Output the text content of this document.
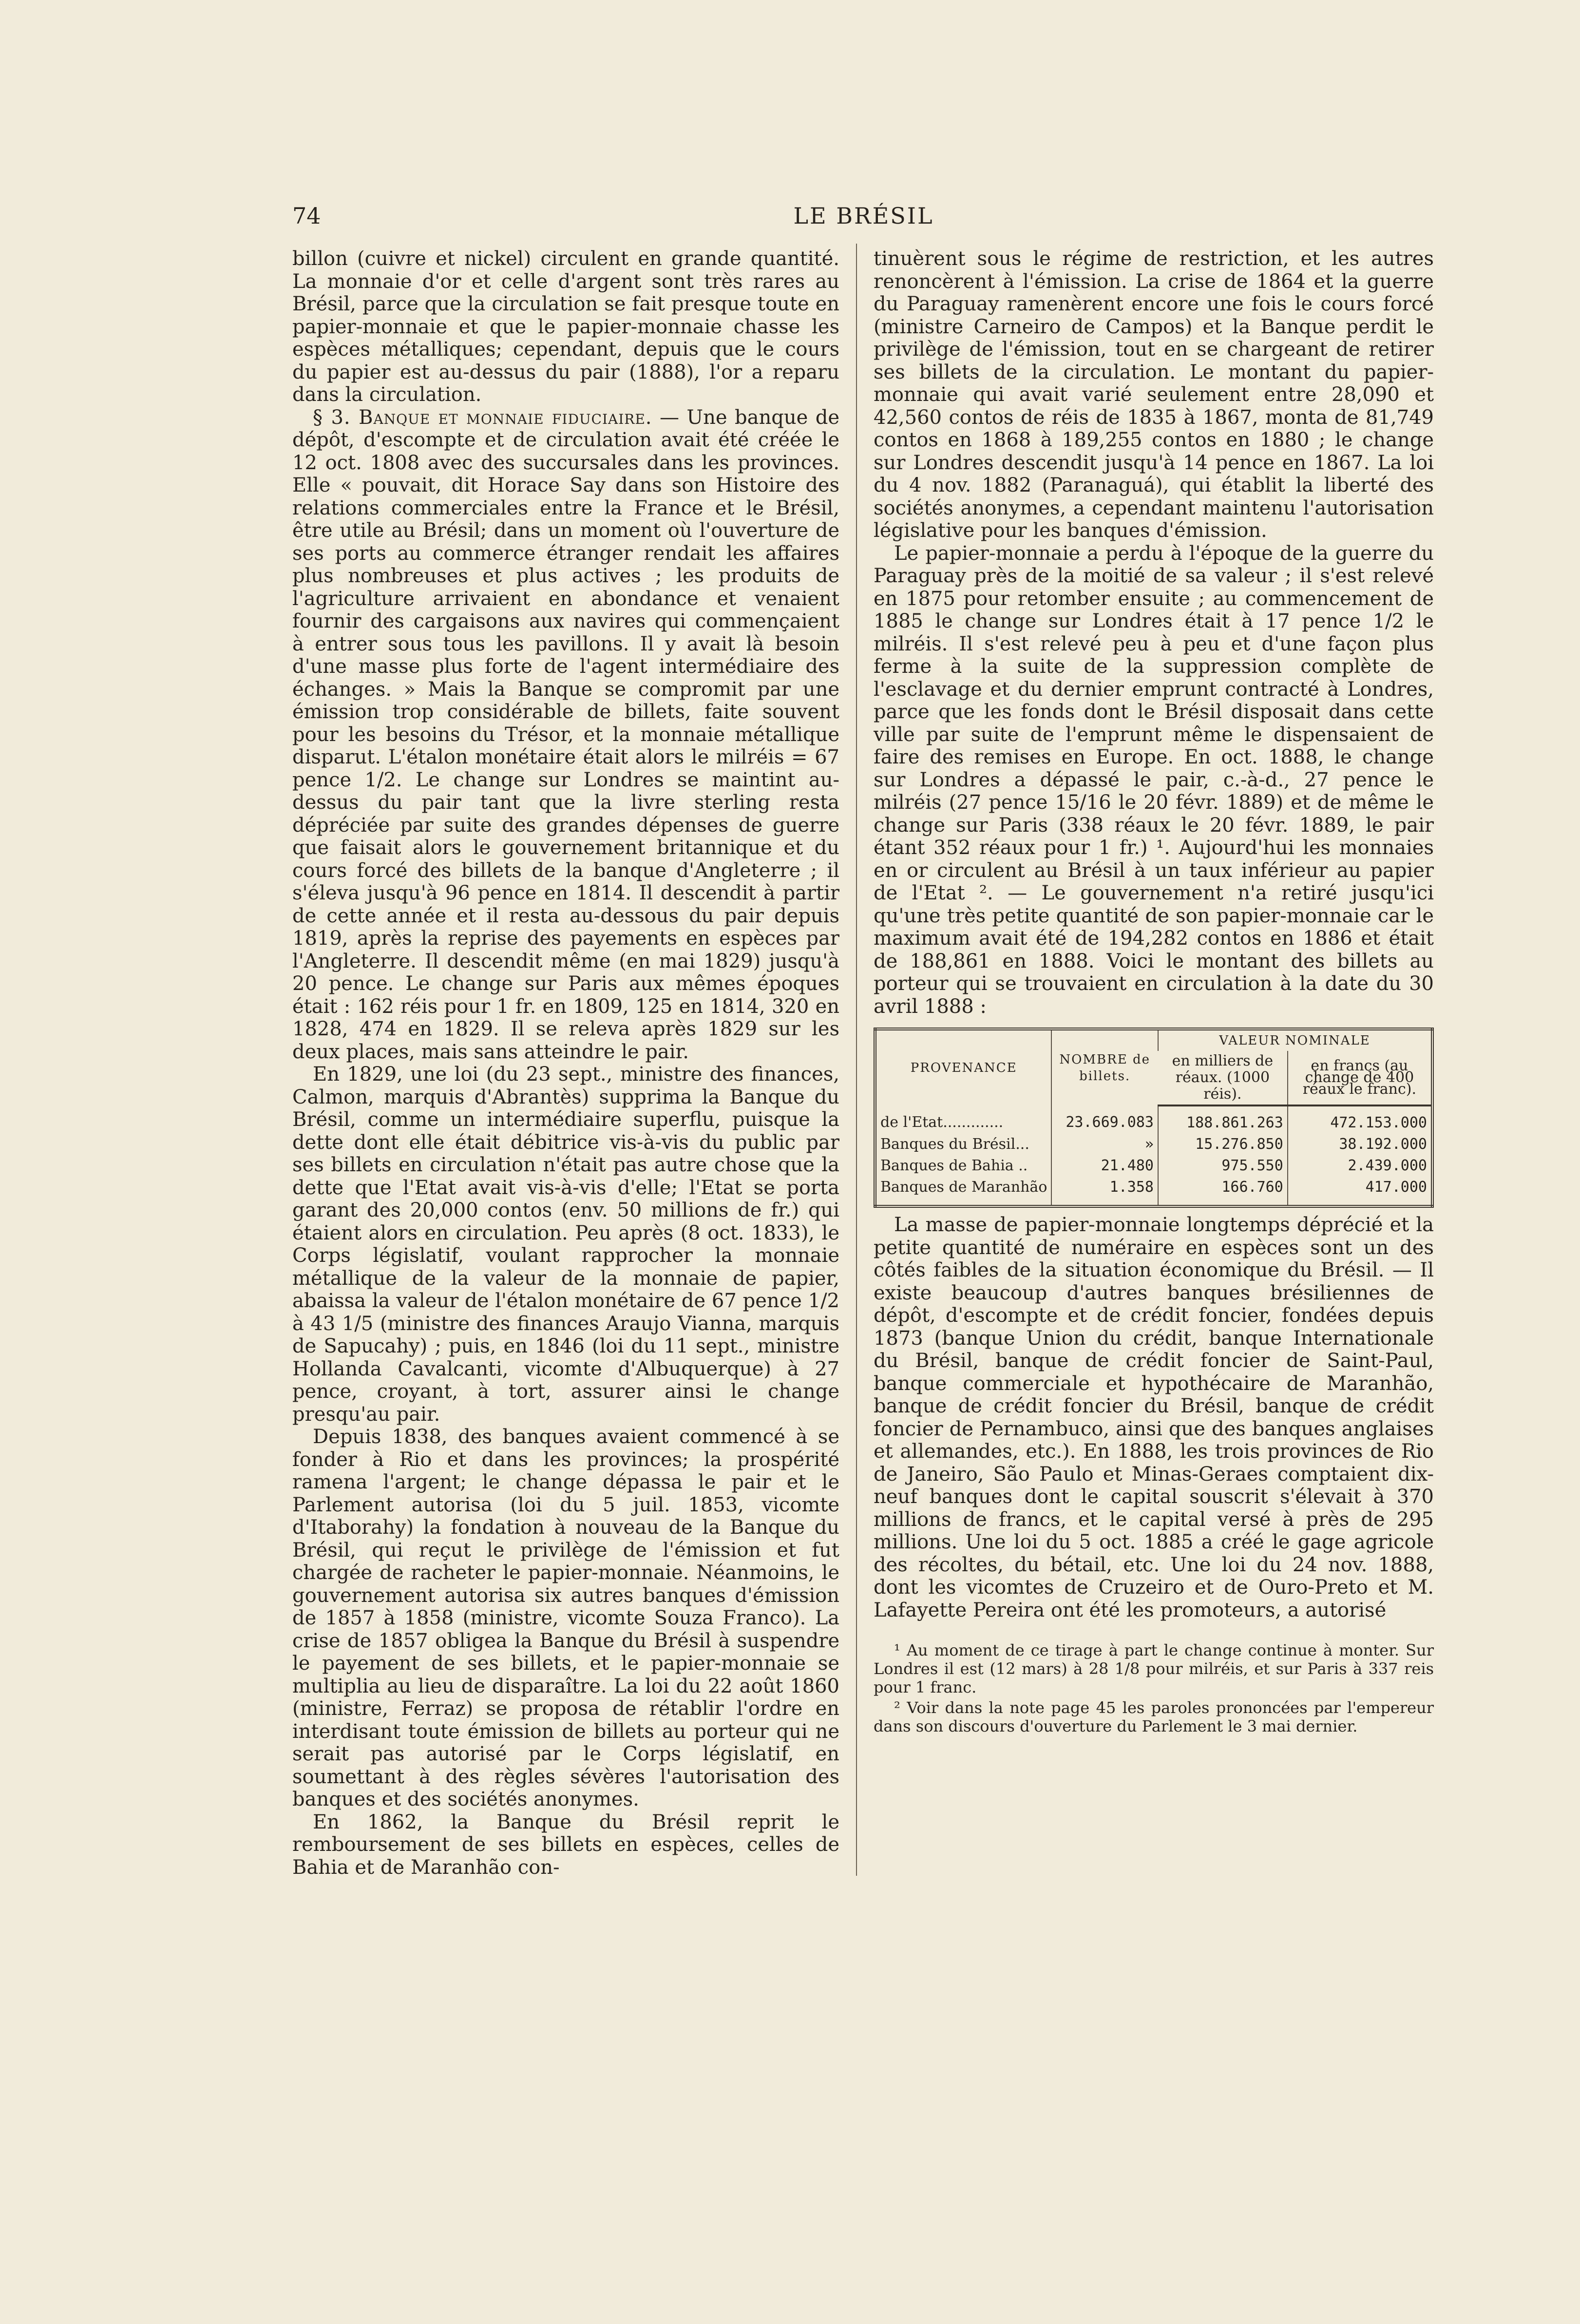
74	LE BRÉSIL

billon (cuivre et nickel) circulent en grande quantité. La monnaie d'or et celle d'argent sont très rares au Brésil, parce que la circulation se fait presque toute en papier-monnaie et que le papier-monnaie chasse les espèces métalliques; cependant, depuis que le cours du papier est au-dessus du pair (1888), l'or a reparu dans la circulation.

§ 3. Banque et monnaie fiduciaire. — Une banque de dépôt, d'escompte et de circulation avait été créée le 12 oct. 1808 avec des succursales dans les provinces. Elle « pouvait, dit Horace Say dans son Histoire des relations commerciales entre la France et le Brésil, être utile au Brésil; dans un moment où l'ouverture de ses ports au commerce étranger rendait les affaires plus nombreuses et plus actives ; les produits de l'agriculture arrivaient en abondance et venaient fournir des cargaisons aux navires qui commençaient à entrer sous tous les pavillons. Il y avait là besoin d'une masse plus forte de l'agent intermédiaire des échanges. » Mais la Banque se compromit par une émission trop considérable de billets, faite souvent pour les besoins du Trésor, et la monnaie métallique disparut. L'étalon monétaire était alors le milréis = 67 pence 1/2. Le change sur Londres se maintint au-dessus du pair tant que la livre sterling resta dépréciée par suite des grandes dépenses de guerre que faisait alors le gouvernement britannique et du cours forcé des billets de la banque d'Angleterre ; il s'éleva jusqu'à 96 pence en 1814. Il descendit à partir de cette année et il resta au-dessous du pair depuis 1819, après la reprise des payements en espèces par l'Angleterre. Il descendit même (en mai 1829) jusqu'à 20 pence. Le change sur Paris aux mêmes époques était : 162 réis pour 1 fr. en 1809, 125 en 1814, 320 en 1828, 474 en 1829. Il se releva après 1829 sur les deux places, mais sans atteindre le pair.

En 1829, une loi (du 23 sept., ministre des finances, Calmon, marquis d'Abrantès) supprima la Banque du Brésil, comme un intermédiaire superflu, puisque la dette dont elle était débitrice vis-à-vis du public par ses billets en circulation n'était pas autre chose que la dette que l'Etat avait vis-à-vis d'elle; l'Etat se porta garant des 20,000 contos (env. 50 millions de fr.) qui étaient alors en circulation. Peu après (8 oct. 1833), le Corps législatif, voulant rapprocher la monnaie métallique de la valeur de la monnaie de papier, abaissa la valeur de l'étalon monétaire de 67 pence 1/2 à 43 1/5 (ministre des finances Araujo Vianna, marquis de Sapucahy) ; puis, en 1846 (loi du 11 sept., ministre Hollanda Cavalcanti, vicomte d'Albuquerque) à 27 pence, croyant, à tort, assurer ainsi le change presqu'au pair.

Depuis 1838, des banques avaient commencé à se fonder à Rio et dans les provinces; la prospérité ramena l'argent; le change dépassa le pair et le Parlement autorisa (loi du 5 juil. 1853, vicomte d'Itaborahy) la fondation à nouveau de la Banque du Brésil, qui reçut le privilège de l'émission et fut chargée de racheter le papier-monnaie. Néanmoins, le gouvernement autorisa six autres banques d'émission de 1857 à 1858 (ministre, vicomte Souza Franco). La crise de 1857 obligea la Banque du Brésil à suspendre le payement de ses billets, et le papier-monnaie se multiplia au lieu de disparaître. La loi du 22 août 1860 (ministre, Ferraz) se proposa de rétablir l'ordre en interdisant toute émission de billets au porteur qui ne serait pas autorisé par le Corps législatif, en soumettant à des règles sévères l'autorisation des banques et des sociétés anonymes.

En 1862, la Banque du Brésil reprit le remboursement de ses billets en espèces, celles de Bahia et de Maranhão con-

tinuèrent sous le régime de restriction, et les autres renoncèrent à l'émission. La crise de 1864 et la guerre du Paraguay ramenèrent encore une fois le cours forcé (ministre Carneiro de Campos) et la Banque perdit le privilège de l'émission, tout en se chargeant de retirer ses billets de la circulation. Le montant du papier-monnaie qui avait varié seulement entre 28,090 et 42,560 contos de réis de 1835 à 1867, monta de 81,749 contos en 1868 à 189,255 contos en 1880 ; le change sur Londres descendit jusqu'à 14 pence en 1867. La loi du 4 nov. 1882 (Paranaguá), qui établit la liberté des sociétés anonymes, a cependant maintenu l'autorisation législative pour les banques d'émission.

Le papier-monnaie a perdu à l'époque de la guerre du Paraguay près de la moitié de sa valeur ; il s'est relevé en 1875 pour retomber ensuite ; au commencement de 1885 le change sur Londres était à 17 pence 1/2 le milréis. Il s'est relevé peu à peu et d'une façon plus ferme à la suite de la suppression complète de l'esclavage et du dernier emprunt contracté à Londres, parce que les fonds dont le Brésil disposait dans cette ville par suite de l'emprunt même le dispensaient de faire des remises en Europe. En oct. 1888, le change sur Londres a dépassé le pair, c.-à-d., 27 pence le milréis (27 pence 15/16 le 20 févr. 1889) et de même le change sur Paris (338 réaux le 20 févr. 1889, le pair étant 352 réaux pour 1 fr.) ¹. Aujourd'hui les monnaies en or circulent au Brésil à un taux inférieur au papier de l'Etat ². — Le gouvernement n'a retiré jusqu'ici qu'une très petite quantité de son papier-monnaie car le maximum avait été de 194,282 contos en 1886 et était de 188,861 en 1888. Voici le montant des billets au porteur qui se trouvaient en circulation à la date du 30 avril 1888 :

PROVENANCE	NOMBRE de billets.	VALEUR NOMINALE	
		en milliers de réaux. (1000 réis).	en francs (au change de 400 réaux le franc).
de l'Etat.............	23.669.083	188.861.263	472.153.000
Banques du Brésil...	»	15.276.850	38.192.000
Banques de Bahia ..	21.480	975.550	2.439.000
Banques de Maranhão	1.358	166.760	417.000

La masse de papier-monnaie longtemps déprécié et la petite quantité de numéraire en espèces sont un des côtés faibles de la situation économique du Brésil. — Il existe beaucoup d'autres banques brésiliennes de dépôt, d'escompte et de crédit foncier, fondées depuis 1873 (banque Union du crédit, banque Internationale du Brésil, banque de crédit foncier de Saint-Paul, banque commerciale et hypothécaire de Maranhão, banque de crédit foncier du Brésil, banque de crédit foncier de Pernambuco, ainsi que des banques anglaises et allemandes, etc.). En 1888, les trois provinces de Rio de Janeiro, São Paulo et Minas-Geraes comptaient dix-neuf banques dont le capital souscrit s'élevait à 370 millions de francs, et le capital versé à près de 295 millions. Une loi du 5 oct. 1885 a créé le gage agricole des récoltes, du bétail, etc. Une loi du 24 nov. 1888, dont les vicomtes de Cruzeiro et de Ouro-Preto et M. Lafayette Pereira ont été les promoteurs, a autorisé

¹ Au moment de ce tirage à part le change continue à monter. Sur Londres il est (12 mars) à 28 1/8 pour milréis, et sur Paris à 337 reis pour 1 franc.

² Voir dans la note page 45 les paroles prononcées par l'empereur dans son discours d'ouverture du Parlement le 3 mai dernier.
